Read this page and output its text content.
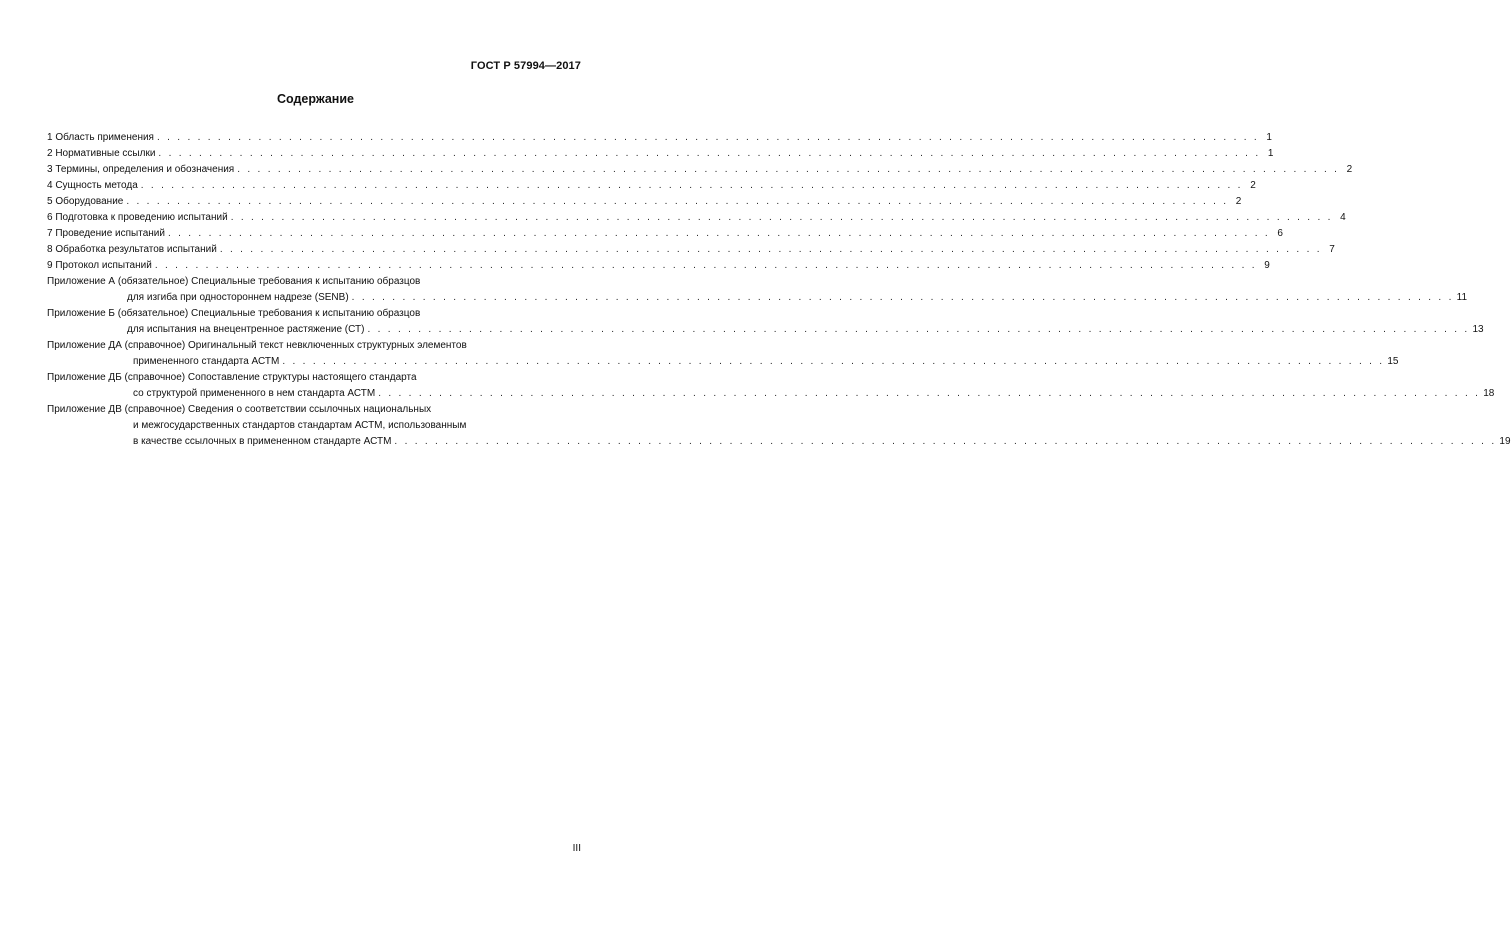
ГОСТ Р 57994—2017
Содержание
1 Область применения . . . . . . . . . . . . . . . . . . . . . . . . . . . . . . . . . . . . . . . . . . . . . . . . . . . . . . . . . . . . . . . . . . . . . . . . . . . . . . . . . . . . . . . . . . . . . . . . . . . . . . . . . . . . . 1
2 Нормативные ссылки . . . . . . . . . . . . . . . . . . . . . . . . . . . . . . . . . . . . . . . . . . . . . . . . . . . . . . . . . . . . . . . . . . . . . . . . . . . . . . . . . . . . . . . . . . . . . . . . . . . . . . . . . . . . . 1
3 Термины, определения и обозначения . . . . . . . . . . . . . . . . . . . . . . . . . . . . . . . . . . . . . . . . . . . . . . . . . . . . . . . . . . . . . . . . . . . . . . . . . . . . . . . . . . . . . . . . . . . . . . . . . . . . . . . . . . . . . 2
4 Сущность метода . . . . . . . . . . . . . . . . . . . . . . . . . . . . . . . . . . . . . . . . . . . . . . . . . . . . . . . . . . . . . . . . . . . . . . . . . . . . . . . . . . . . . . . . . . . . . . . . . . . . . . . . . . . . . 2
5 Оборудование . . . . . . . . . . . . . . . . . . . . . . . . . . . . . . . . . . . . . . . . . . . . . . . . . . . . . . . . . . . . . . . . . . . . . . . . . . . . . . . . . . . . . . . . . . . . . . . . . . . . . . . . . . . . . 2
6 Подготовка к проведению испытаний . . . . . . . . . . . . . . . . . . . . . . . . . . . . . . . . . . . . . . . . . . . . . . . . . . . . . . . . . . . . . . . . . . . . . . . . . . . . . . . . . . . . . . . . . . . . . . . . . . . . . . . . . . . . . 4
7 Проведение испытаний . . . . . . . . . . . . . . . . . . . . . . . . . . . . . . . . . . . . . . . . . . . . . . . . . . . . . . . . . . . . . . . . . . . . . . . . . . . . . . . . . . . . . . . . . . . . . . . . . . . . . . . . . . . . . 6
8 Обработка результатов испытаний . . . . . . . . . . . . . . . . . . . . . . . . . . . . . . . . . . . . . . . . . . . . . . . . . . . . . . . . . . . . . . . . . . . . . . . . . . . . . . . . . . . . . . . . . . . . . . . . . . . . . . . . . . . . . 7
9 Протокол испытаний . . . . . . . . . . . . . . . . . . . . . . . . . . . . . . . . . . . . . . . . . . . . . . . . . . . . . . . . . . . . . . . . . . . . . . . . . . . . . . . . . . . . . . . . . . . . . . . . . . . . . . . . . . . . . 9
Приложение А (обязательное) Специальные требования к испытанию образцов
для изгиба при одностороннем надрезе (SENB) . . . . . . . . . . . . . . . . . . . . . . . . . . . . . . . . . . . . . . . . . . . . . . . . . . . . . . . . . . . . . . . . . . . . . . . . . . . . . . . . . . . . . . . . . . . . . . . . . . . . . . . . . . . . . 11
Приложение Б (обязательное) Специальные требования к испытанию образцов
для испытания на внецентренное растяжение (СТ) . . . . . . . . . . . . . . . . . . . . . . . . . . . . . . . . . . . . . . . . . . . . . . . . . . . . . . . . . . . . . . . . . . . . . . . . . . . . . . . . . . . . . . . . . . . . . . . . . . . . . . . . . . . . . 13
Приложение ДА (справочное) Оригинальный текст невключенных структурных элементов
примененного стандарта АСТМ . . . . . . . . . . . . . . . . . . . . . . . . . . . . . . . . . . . . . . . . . . . . . . . . . . . . . . . . . . . . . . . . . . . . . . . . . . . . . . . . . . . . . . . . . . . . . . . . . . . . . . . . . . . . . 15
Приложение ДБ (справочное) Сопоставление структуры настоящего стандарта
со структурой примененного в нем стандарта АСТМ . . . . . . . . . . . . . . . . . . . . . . . . . . . . . . . . . . . . . . . . . . . . . . . . . . . . . . . . . . . . . . . . . . . . . . . . . . . . . . . . . . . . . . . . . . . . . . . . . . . . . . . . . . . . . 18
Приложение ДВ (справочное) Сведения о соответствии ссылочных национальных
и межгосударственных стандартов стандартам АСТМ, использованным
в качестве ссылочных в примененном стандарте АСТМ . . . . . . . . . . . . . . . . . . . . . . . . . . . . . . . . . . . . . . . . . . . . . . . . . . . . . . . . . . . . . . . . . . . . . . . . . . . . . . . . . . . . . . . . . . . . . . . . . . . . . . . . . . . . . 19
III
